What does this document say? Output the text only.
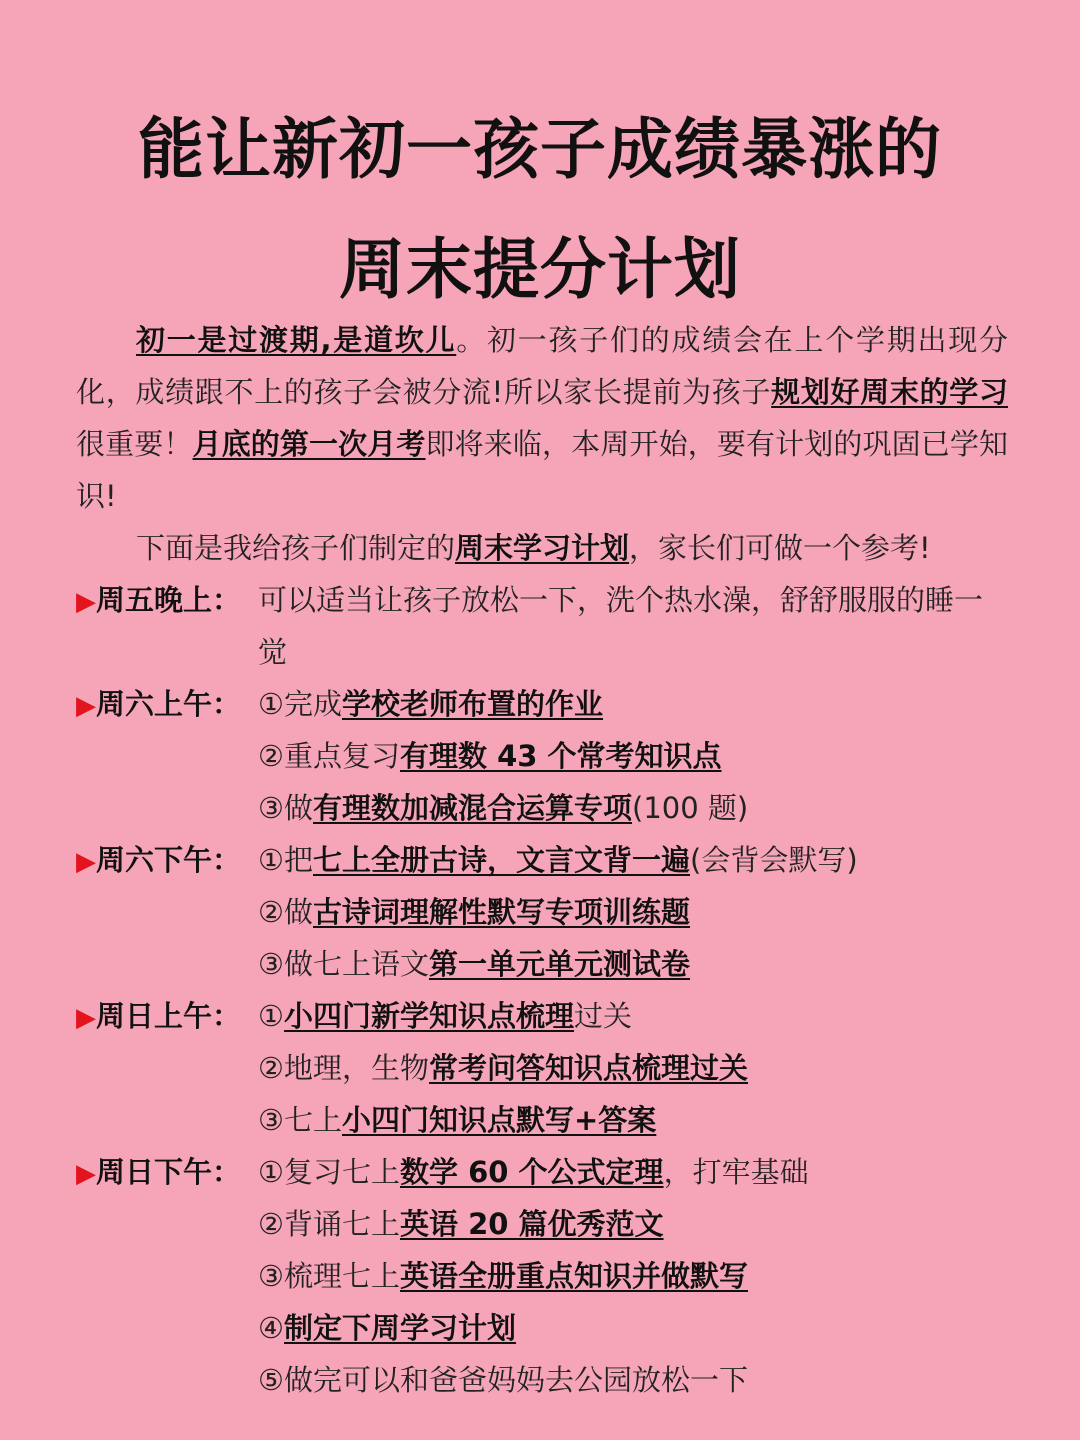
能让新初一孩子成绩暴涨的
周末提分计划

初一是过渡期,是道坎儿。初一孩子们的成绩会在上个学期出现分化，成绩跟不上的孩子会被分流!所以家长提前为孩子规划好周末的学习很重要！月底的第一次月考即将来临，本周开始，要有计划的巩固已学知识!

下面是我给孩子们制定的周末学习计划，家长们可做一个参考!

▶周五晚上： 可以适当让孩子放松一下，洗个热水澡，舒舒服服的睡一觉
▶周六上午： ①完成学校老师布置的作业
②重点复习有理数 43 个常考知识点
③做有理数加减混合运算专项(100 题)
▶周六下午： ①把七上全册古诗，文言文背一遍(会背会默写)
②做古诗词理解性默写专项训练题
③做七上语文第一单元单元测试卷
▶周日上午： ①小四门新学知识点梳理过关
②地理，生物常考问答知识点梳理过关
③七上小四门知识点默写+答案
▶周日下午： ①复习七上数学 60 个公式定理，打牢基础
②背诵七上英语 20 篇优秀范文
③梳理七上英语全册重点知识并做默写
④制定下周学习计划
⑤做完可以和爸爸妈妈去公园放松一下
